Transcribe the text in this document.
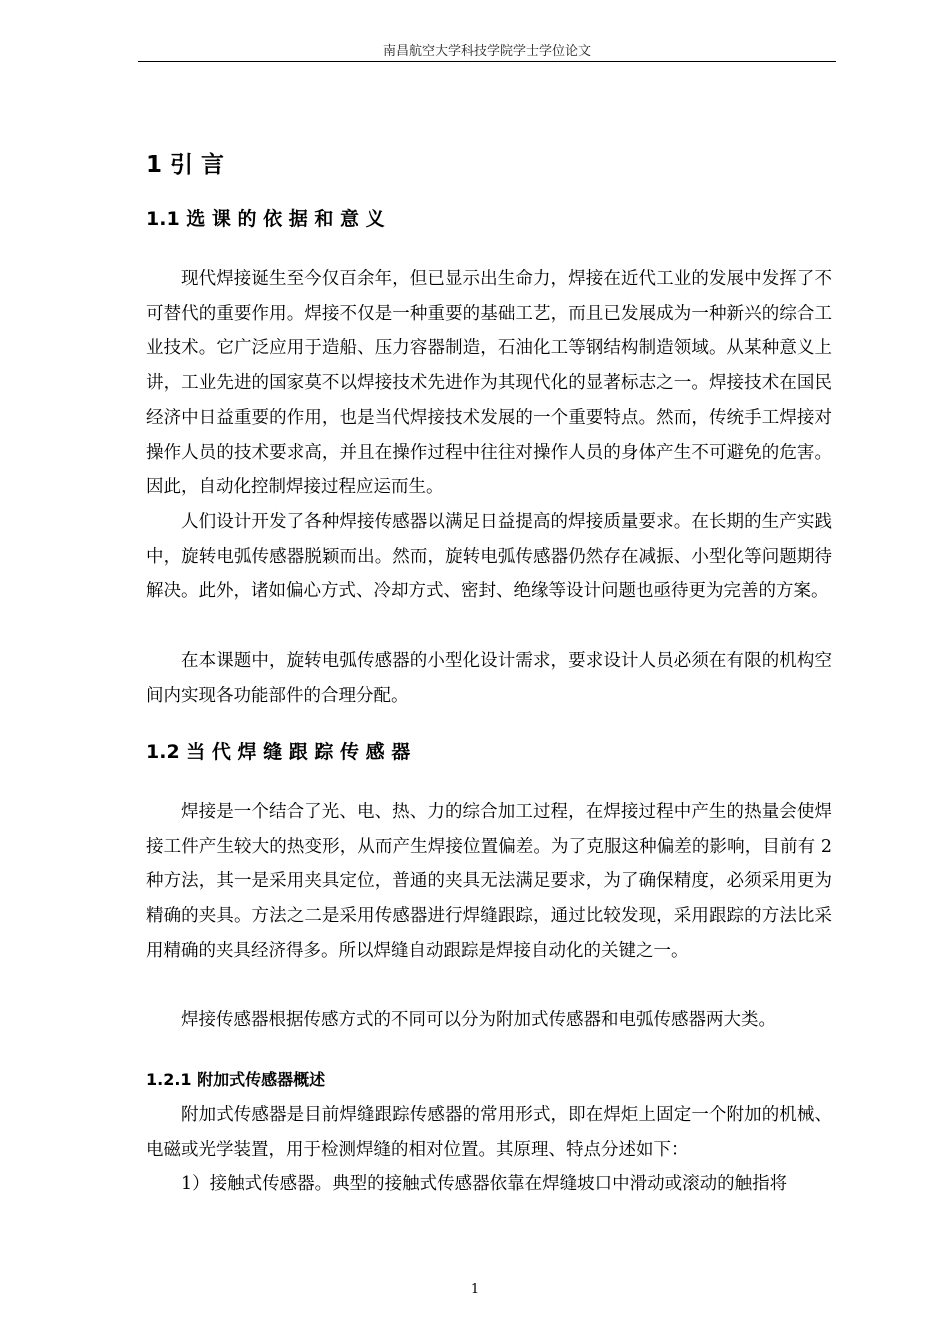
南昌航空大学科技学院学士学位论文
1 引 言
1.1 选 课 的 依 据 和 意 义

现代焊接诞生至今仅百余年，但已显示出生命力，焊接在近代工业的发展中发挥了不可替代的重要作用。焊接不仅是一种重要的基础工艺，而且已发展成为一种新兴的综合工业技术。它广泛应用于造船、压力容器制造，石油化工等钢结构制造领域。从某种意义上讲，工业先进的国家莫不以焊接技术先进作为其现代化的显著标志之一。焊接技术在国民经济中日益重要的作用，也是当代焊接技术发展的一个重要特点。然而，传统手工焊接对操作人员的技术要求高，并且在操作过程中往往对操作人员的身体产生不可避免的危害。因此，自动化控制焊接过程应运而生。

人们设计开发了各种焊接传感器以满足日益提高的焊接质量要求。在长期的生产实践中，旋转电弧传感器脱颖而出。然而，旋转电弧传感器仍然存在减振、小型化等问题期待解决。此外，诸如偏心方式、冷却方式、密封、绝缘等设计问题也亟待更为完善的方案。

在本课题中，旋转电弧传感器的小型化设计需求，要求设计人员必须在有限的机构空间内实现各功能部件的合理分配。

1.2 当 代 焊 缝 跟 踪 传 感 器

焊接是一个结合了光、电、热、力的综合加工过程，在焊接过程中产生的热量会使焊接工件产生较大的热变形，从而产生焊接位置偏差。为了克服这种偏差的影响，目前有 2 种方法，其一是采用夹具定位，普通的夹具无法满足要求，为了确保精度，必须采用更为精确的夹具。方法之二是采用传感器进行焊缝跟踪，通过比较发现，采用跟踪的方法比采用精确的夹具经济得多。所以焊缝自动跟踪是焊接自动化的关键之一。

焊接传感器根据传感方式的不同可以分为附加式传感器和电弧传感器两大类。

1.2.1 附加式传感器概述

附加式传感器是目前焊缝跟踪传感器的常用形式，即在焊炬上固定一个附加的机械、电磁或光学装置，用于检测焊缝的相对位置。其原理、特点分述如下：

1）接触式传感器。典型的接触式传感器依靠在焊缝坡口中滑动或滚动的触指将

1
